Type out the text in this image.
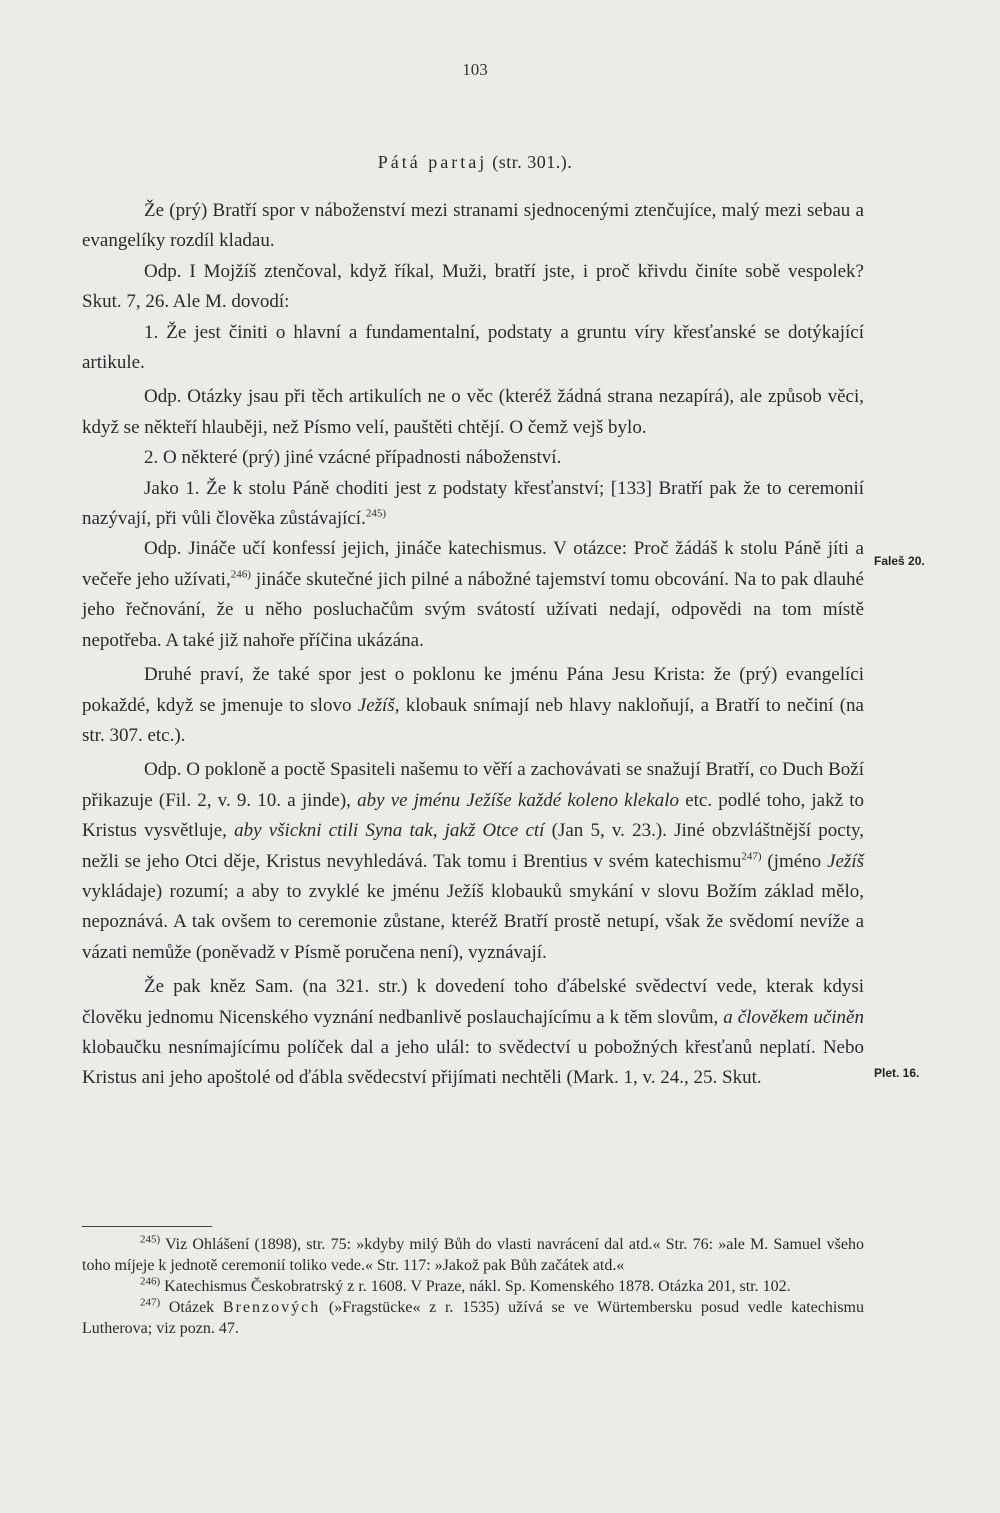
103
Pátá partaj (str. 301.).
Faleš 20.
Plet. 16.

Že (prý) Bratří spor v náboženství mezi stranami sjednocenými ztenčujíce, malý mezi sebau a evangelíky rozdíl kladau.

Odp. I Mojžíš ztenčoval, když říkal, Muži, bratří jste, i proč křivdu činíte sobě vespolek? Skut. 7, 26. Ale M. dovodí:

1. Že jest činiti o hlavní a fundamentalní, podstaty a gruntu víry křesťanské se dotýkající artikule.

Odp. Otázky jsau při těch artikulích ne o věc (kteréž žádná strana nezapírá), ale způsob věci, když se někteří hlauběji, než Písmo velí, pauštěti chtějí. O čemž vejš bylo.

2. O některé (prý) jiné vzácné případnosti náboženství.

Jako 1. Že k stolu Páně choditi jest z podstaty křesťanství; [133] Bratří pak že to ceremonií nazývají, při vůli člověka zůstávající.$^{245)}$

Odp. Jináče učí konfessí jejich, jináče katechismus. V otázce: Proč žádáš k stolu Páně jíti a večeře jeho užívati,$^{246)}$ jináče skutečné jich pilné a nábožné tajemství tomu obcování. Na to pak dlauhé jeho řečnování, že u něho posluchačům svým svátostí užívati nedají, odpovědi na tom místě nepotřeba. A také již nahoře příčina ukázána.

Druhé praví, že také spor jest o poklonu ke jménu Pána Jesu Krista: že (prý) evangelíci pokaždé, když se jmenuje to slovo Ježíš, klobauk snímají neb hlavy nakloňují, a Bratří to nečiní (na str. 307. etc.).

Odp. O pokloně a poctě Spasiteli našemu to věří a zachovávati se snažují Bratří, co Duch Boží přikazuje (Fil. 2, v. 9. 10. a jinde), aby ve jménu Ježíše každé koleno klekalo etc. podlé toho, jakž to Kristus vysvětluje, aby všickni ctili Syna tak, jakž Otce ctí (Jan 5, v. 23.). Jiné obzvláštnější pocty, nežli se jeho Otci děje, Kristus nevyhledává. Tak tomu i Brentius v svém katechismu$^{247)}$ (jméno Ježíš vykládaje) rozumí; a aby to zvyklé ke jménu Ježíš klobauků smykání v slovu Božím základ mělo, nepoznává. A tak ovšem to ceremonie zůstane, kteréž Bratří prostě netupí, však že svědomí nevíže a vázati nemůže (poněvadž v Písmě poručena není), vyznávají.

Že pak kněz Sam. (na 321. str.) k dovedení toho ďábelské svědectví vede, kterak kdysi člověku jednomu Nicenského vyznání nedbanlivě poslauchajícímu a k těm slovům, a člověkem učiněn klobaučku nesnímajícímu políček dal a jeho ulál: to svědectví u pobožných křesťanů neplatí. Nebo Kristus ani jeho apoštolé od ďábla svědecství přijímati nechtěli (Mark. 1, v. 24., 25. Skut.

$^{245)}$ Viz Ohlášení (1898), str. 75: »kdyby milý Bůh do vlasti navrácení dal atd.« Str. 76: »ale M. Samuel všeho toho míjeje k jednotě ceremonií toliko vede.« Str. 117: »Jakož pak Bůh začátek atd.«

$^{246)}$ Katechismus Českobratrský z r. 1608. V Praze, nákl. Sp. Komenského 1878. Otázka 201, str. 102.

$^{247)}$ Otázek Brenzových (»Fragstücke« z r. 1535) užívá se ve Würtembersku posud vedle katechismu Lutherova; viz pozn. 47.
